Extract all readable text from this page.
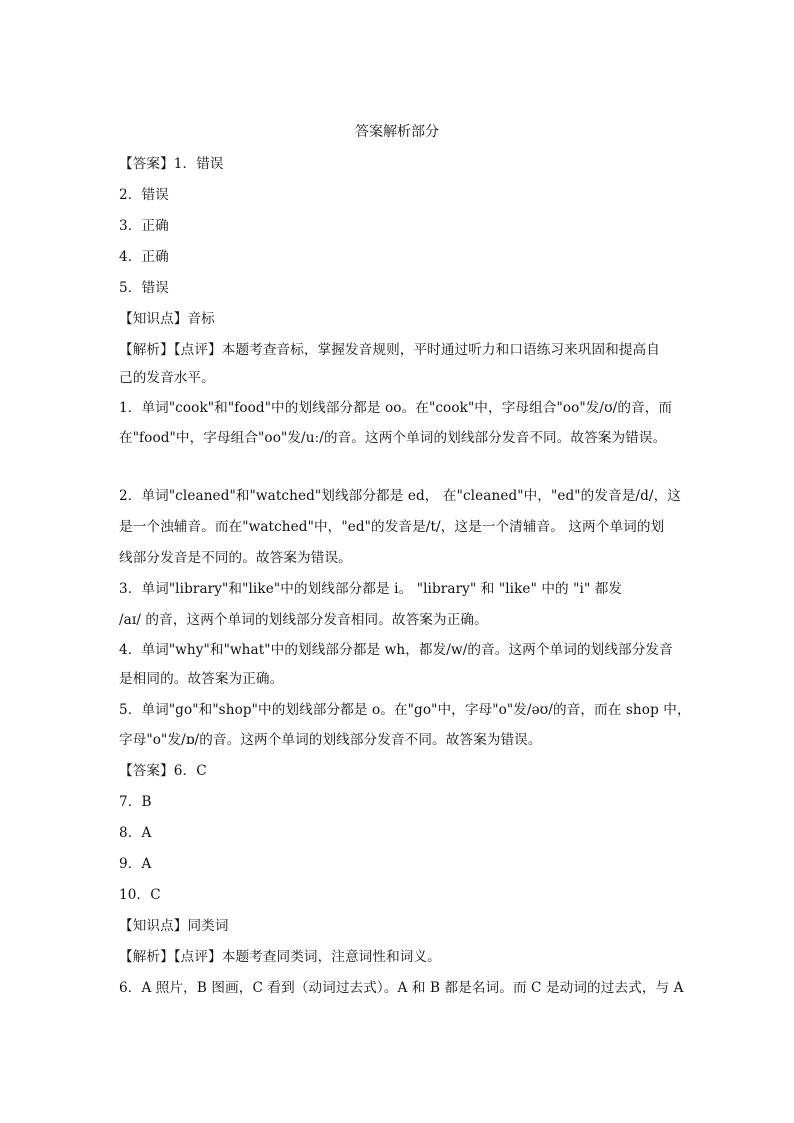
答案解析部分
【答案】1．错误
2．错误
3．正确
4．正确
5．错误
【知识点】音标
【解析】【点评】本题考查音标，掌握发音规则，平时通过听力和口语练习来巩固和提高自
己的发音水平。
1．单词"cook"和"food"中的划线部分都是 oo。在"cook"中，字母组合"oo"发/ʊ/的音，而
在"food"中，字母组合"oo"发/uː/的音。这两个单词的划线部分发音不同。故答案为错误。
2．单词"cleaned"和"watched"划线部分都是 ed， 在"cleaned"中，"ed"的发音是/d/，这
是一个浊辅音。而在"watched"中，"ed"的发音是/t/，这是一个清辅音。 这两个单词的划
线部分发音是不同的。故答案为错误。
3．单词"library"和"like"中的划线部分都是 i。 "library" 和 "like" 中的 "i" 都发
/aɪ/ 的音，这两个单词的划线部分发音相同。故答案为正确。
4．单词"why"和"what"中的划线部分都是 wh，都发/w/的音。这两个单词的划线部分发音
是相同的。故答案为正确。
5．单词"go"和"shop"中的划线部分都是 o。在"go"中，字母"o"发/əʊ/的音，而在 shop 中，
字母"o"发/ɒ/的音。这两个单词的划线部分发音不同。故答案为错误。
【答案】6．C
7．B
8．A
9．A
10．C
【知识点】同类词
【解析】【点评】本题考查同类词，注意词性和词义。
6．A 照片，B 图画，C 看到（动词过去式）。A 和 B 都是名词。而 C 是动词的过去式，与 A
